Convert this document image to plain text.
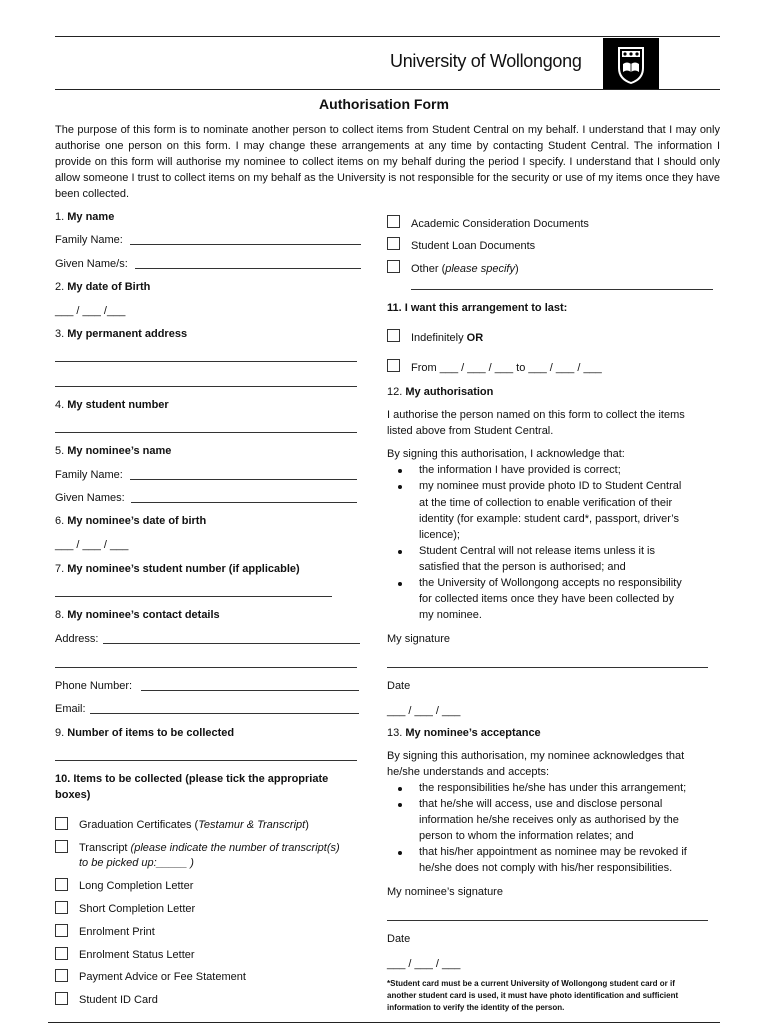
University of Wollongong
Authorisation Form
The purpose of this form is to nominate another person to collect items from Student Central on my behalf. I understand that I may only authorise one person on this form. I may change these arrangements at any time by contacting Student Central. The information I provide on this form will authorise my nominee to collect items on my behalf during the period I specify. I understand that I should only allow someone I trust to collect items on my behalf as the University is not responsible for the security or use of my items once they have been collected.
1. My name
Family Name:
Given Name/s:
2. My date of Birth
___ / ___ /___
3. My permanent address
4. My student number
5. My nominee’s name
Family Name:
Given Names:
6. My nominee’s date of birth
___ / ___ / ___
7. My nominee’s student number (if applicable)
8. My nominee’s contact details
Address:
Phone Number:
Email:
9. Number of items to be collected
10. Items to be collected (please tick the appropriate
boxes)
Graduation Certificates (Testamur & Transcript)
Transcript (please indicate the number of transcript(s)
to be picked up:_____ )
Long Completion Letter
Short Completion Letter
Enrolment Print
Enrolment Status Letter
Payment Advice or Fee Statement
Student ID Card
Academic Consideration Documents
Student Loan Documents
Other (please specify)
11. I want this arrangement to last:
Indefinitely OR
From ___ / ___ / ___ to ___ / ___ / ___
12. My authorisation
I authorise the person named on this form to collect the items
listed above from Student Central.
By signing this authorisation, I acknowledge that:
the information I have provided is correct;
my nominee must provide photo ID to Student Central
at the time of collection to enable verification of their
identity (for example: student card*, passport, driver’s
licence);
Student Central will not release items unless it is
satisfied that the person is authorised; and
the University of Wollongong accepts no responsibility
for collected items once they have been collected by
my nominee.
My signature
Date
___ / ___ / ___
13. My nominee’s acceptance
By signing this authorisation, my nominee acknowledges that
he/she understands and accepts:
the responsibilities he/she has under this arrangement;
that he/she will access, use and disclose personal
information he/she receives only as authorised by the
person to whom the information relates; and
that his/her appointment as nominee may be revoked if
he/she does not comply with his/her responsibilities.
My nominee’s signature
Date
___ / ___ / ___
*Student card must be a current University of Wollongong student card or if
another student card is used, it must have photo identification and sufficient
information to verify the identity of the person.
